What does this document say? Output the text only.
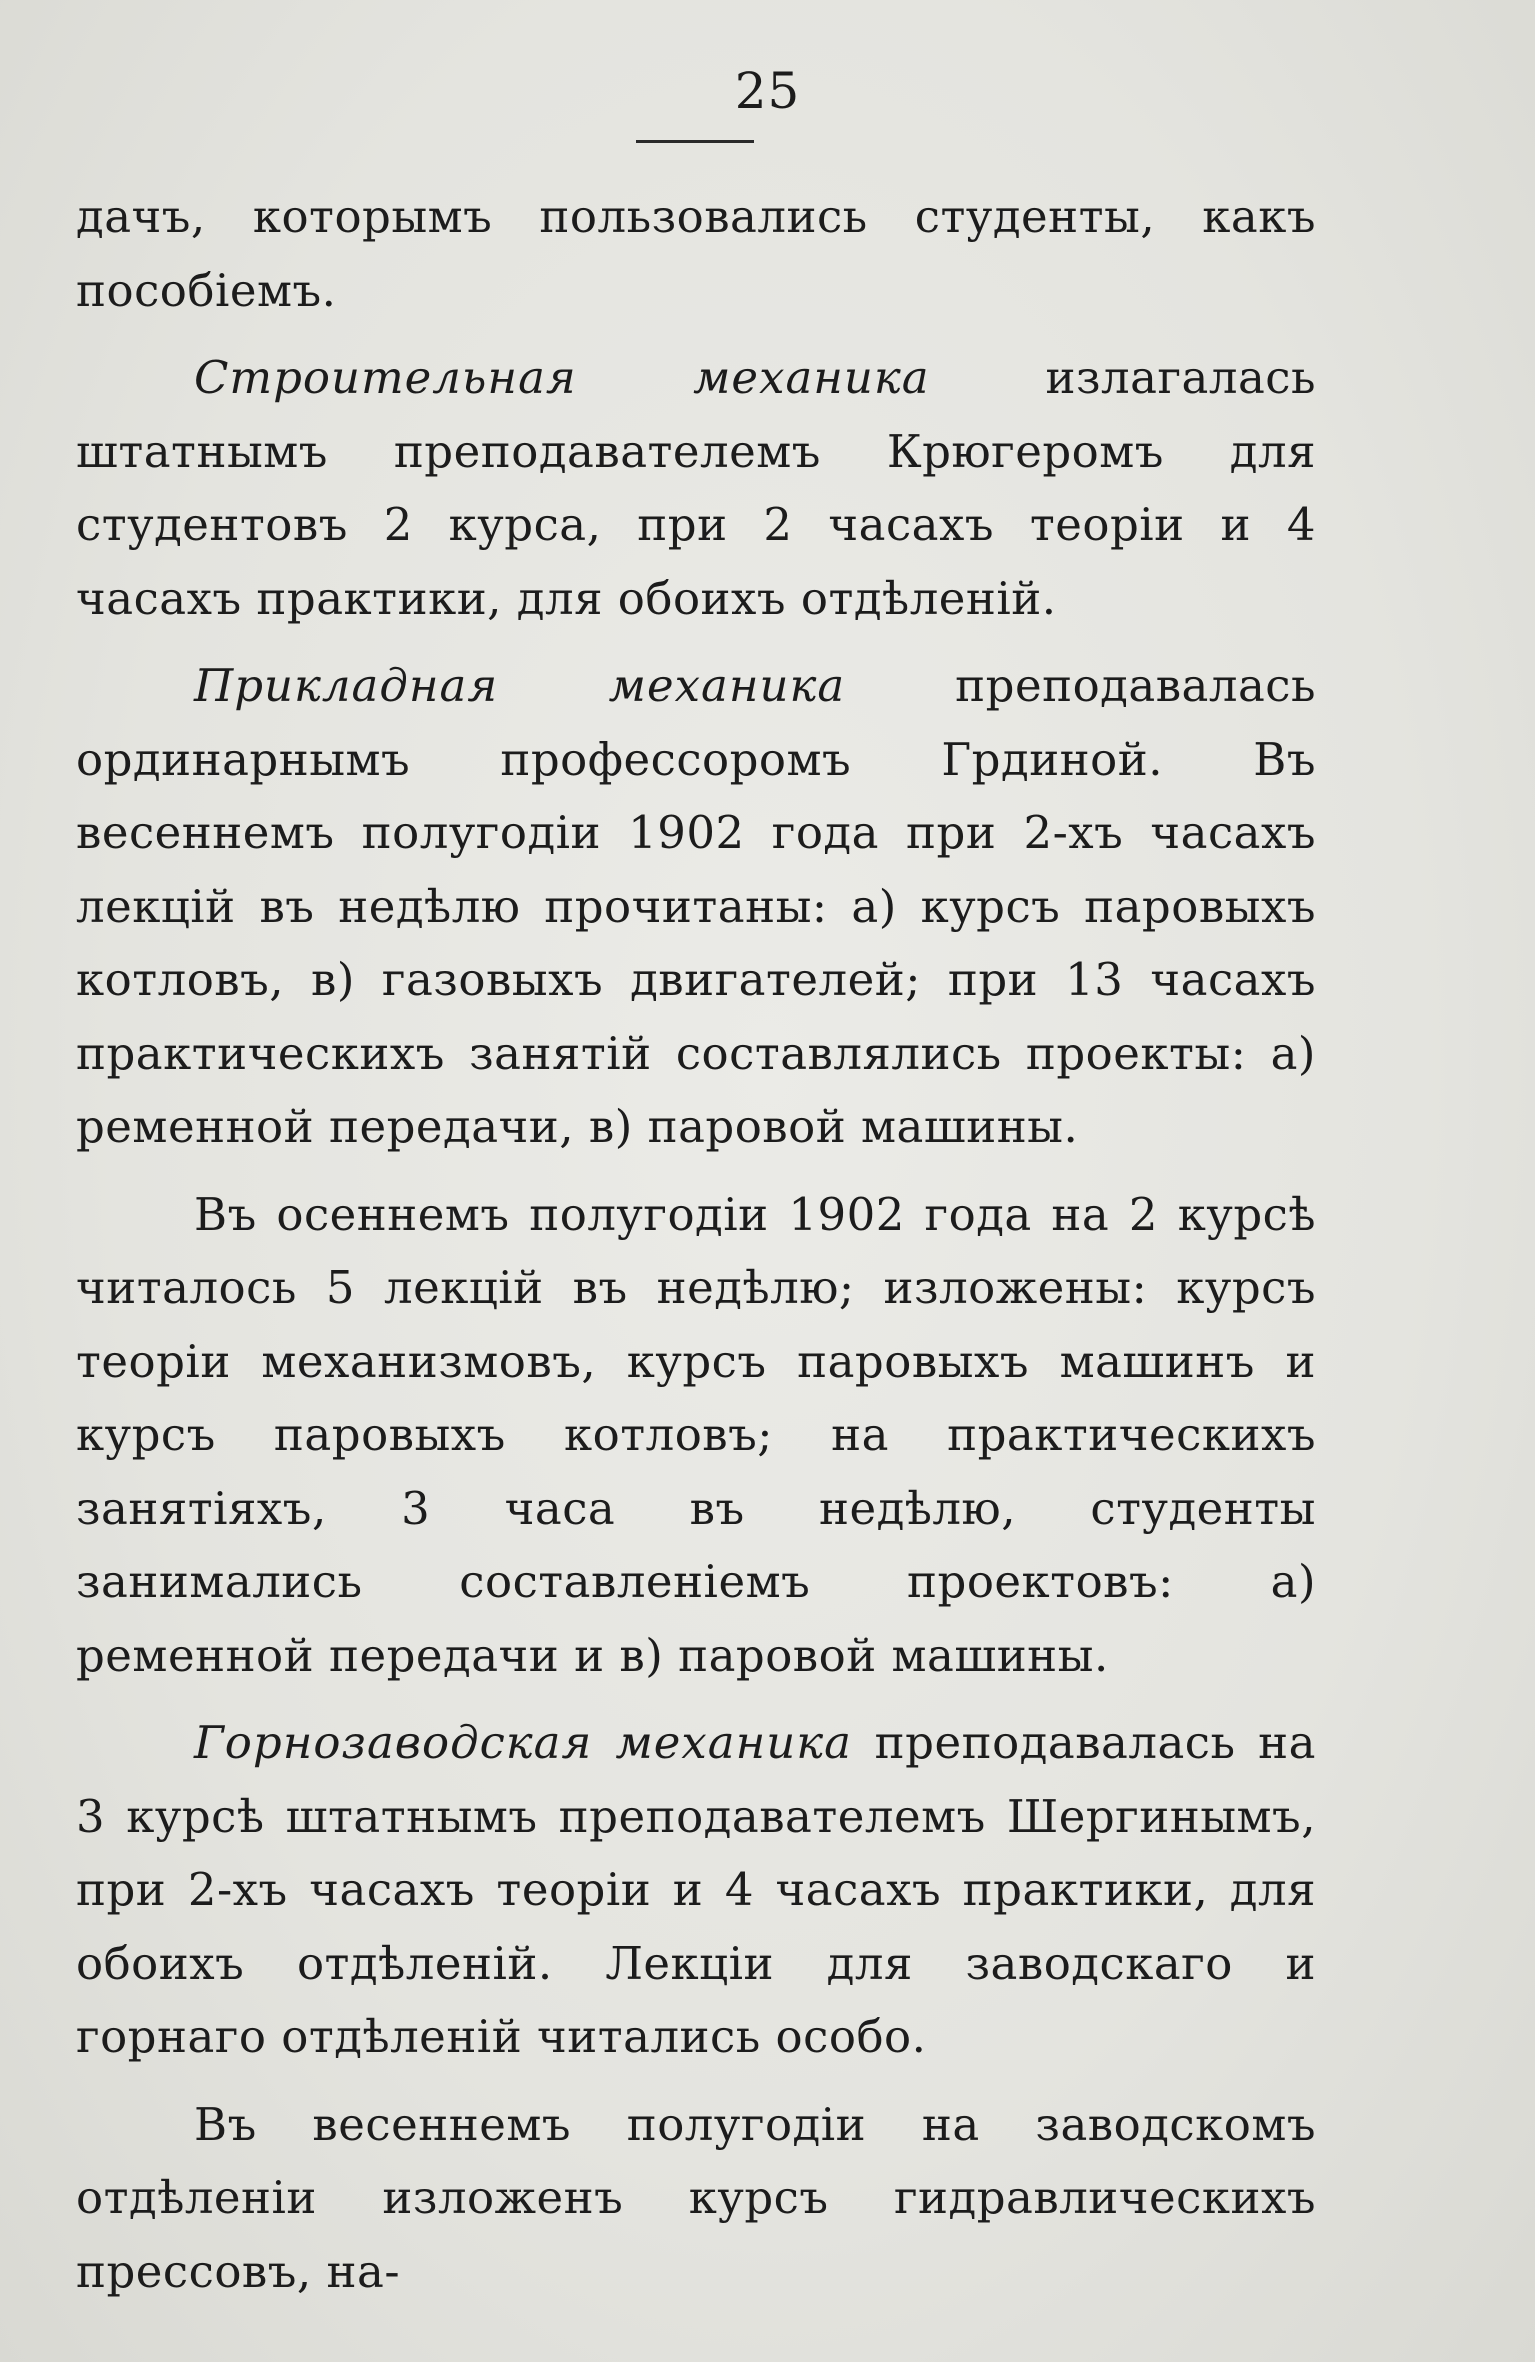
25

дачъ, которымъ пользовались студенты, какъ пособіемъ.

Строительная механика излагалась штатнымъ преподавателемъ Крюгеромъ для студентовъ 2 курса, при 2 часахъ теоріи и 4 часахъ практики, для обоихъ отдѣленій.

Прикладная механика преподавалась ординарнымъ профессоромъ Грдиной. Въ весеннемъ полугодіи 1902 года при 2-хъ часахъ лекцій въ недѣлю прочитаны: а) курсъ паровыхъ котловъ, в) газовыхъ двигателей; при 13 часахъ практическихъ занятій составлялись проекты: а) ременной передачи, в) паровой машины.

Въ осеннемъ полугодіи 1902 года на 2 курсѣ читалось 5 лекцій въ недѣлю; изложены: курсъ теоріи механизмовъ, курсъ паровыхъ машинъ и курсъ паровыхъ котловъ; на практическихъ занятіяхъ, 3 часа въ недѣлю, студенты занимались составленіемъ проектовъ: а) ременной передачи и в) паровой машины.

Горнозаводская механика преподавалась на 3 курсѣ штатнымъ преподавателемъ Шергинымъ, при 2-хъ часахъ теоріи и 4 часахъ практики, для обоихъ отдѣленій. Лекціи для заводскаго и горнаго отдѣленій читались особо.

Въ весеннемъ полугодіи на заводскомъ отдѣленіи изложенъ курсъ гидравлическихъ прессовъ, на-
